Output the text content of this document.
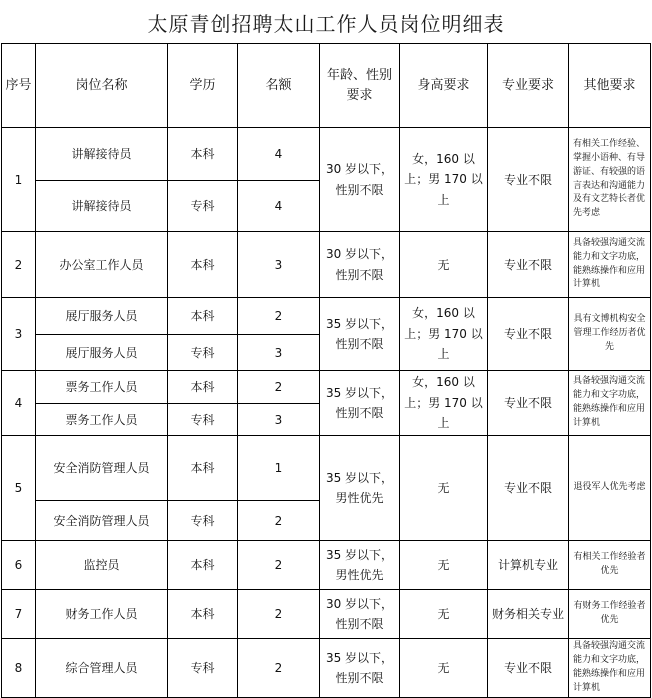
太原青创招聘太山工作人员岗位明细表
序号	岗位名称	学历	名额	年龄、性别要求	身高要求	专业要求	其他要求
1	讲解接待员	本科	4	30 岁以下，性别不限	女，160 以上；男 170 以上	专业不限	有相关工作经验、掌握小语种、有导游证、有较强的语言表达和沟通能力及有文艺特长者优先考虑
	讲解接待员	专科	4				
2	办公室工作人员	本科	3	30 岁以下，性别不限	无	专业不限	具备较强沟通交流能力和文字功底，能熟练操作和应用计算机
3	展厅服务人员	本科	2	35 岁以下，性别不限	女，160 以上；男 170 以上	专业不限	具有文博机构安全管理工作经历者优先
	展厅服务人员	专科	3				
4	票务工作人员	本科	2	35 岁以下，性别不限	女，160 以上；男 170 以上	专业不限	具备较强沟通交流能力和文字功底，能熟练操作和应用计算机
	票务工作人员	专科	3				
5	安全消防管理人员	本科	1	35 岁以下，男性优先	无	专业不限	退役军人优先考虑
	安全消防管理人员	专科	2				
6	监控员	本科	2	35 岁以下，男性优先	无	计算机专业	有相关工作经验者优先
7	财务工作人员	本科	2	30 岁以下，性别不限	无	财务相关专业	有财务工作经验者优先
8	综合管理人员	专科	2	35 岁以下，性别不限	无	专业不限	具备较强沟通交流能力和文字功底，能熟练操作和应用计算机
